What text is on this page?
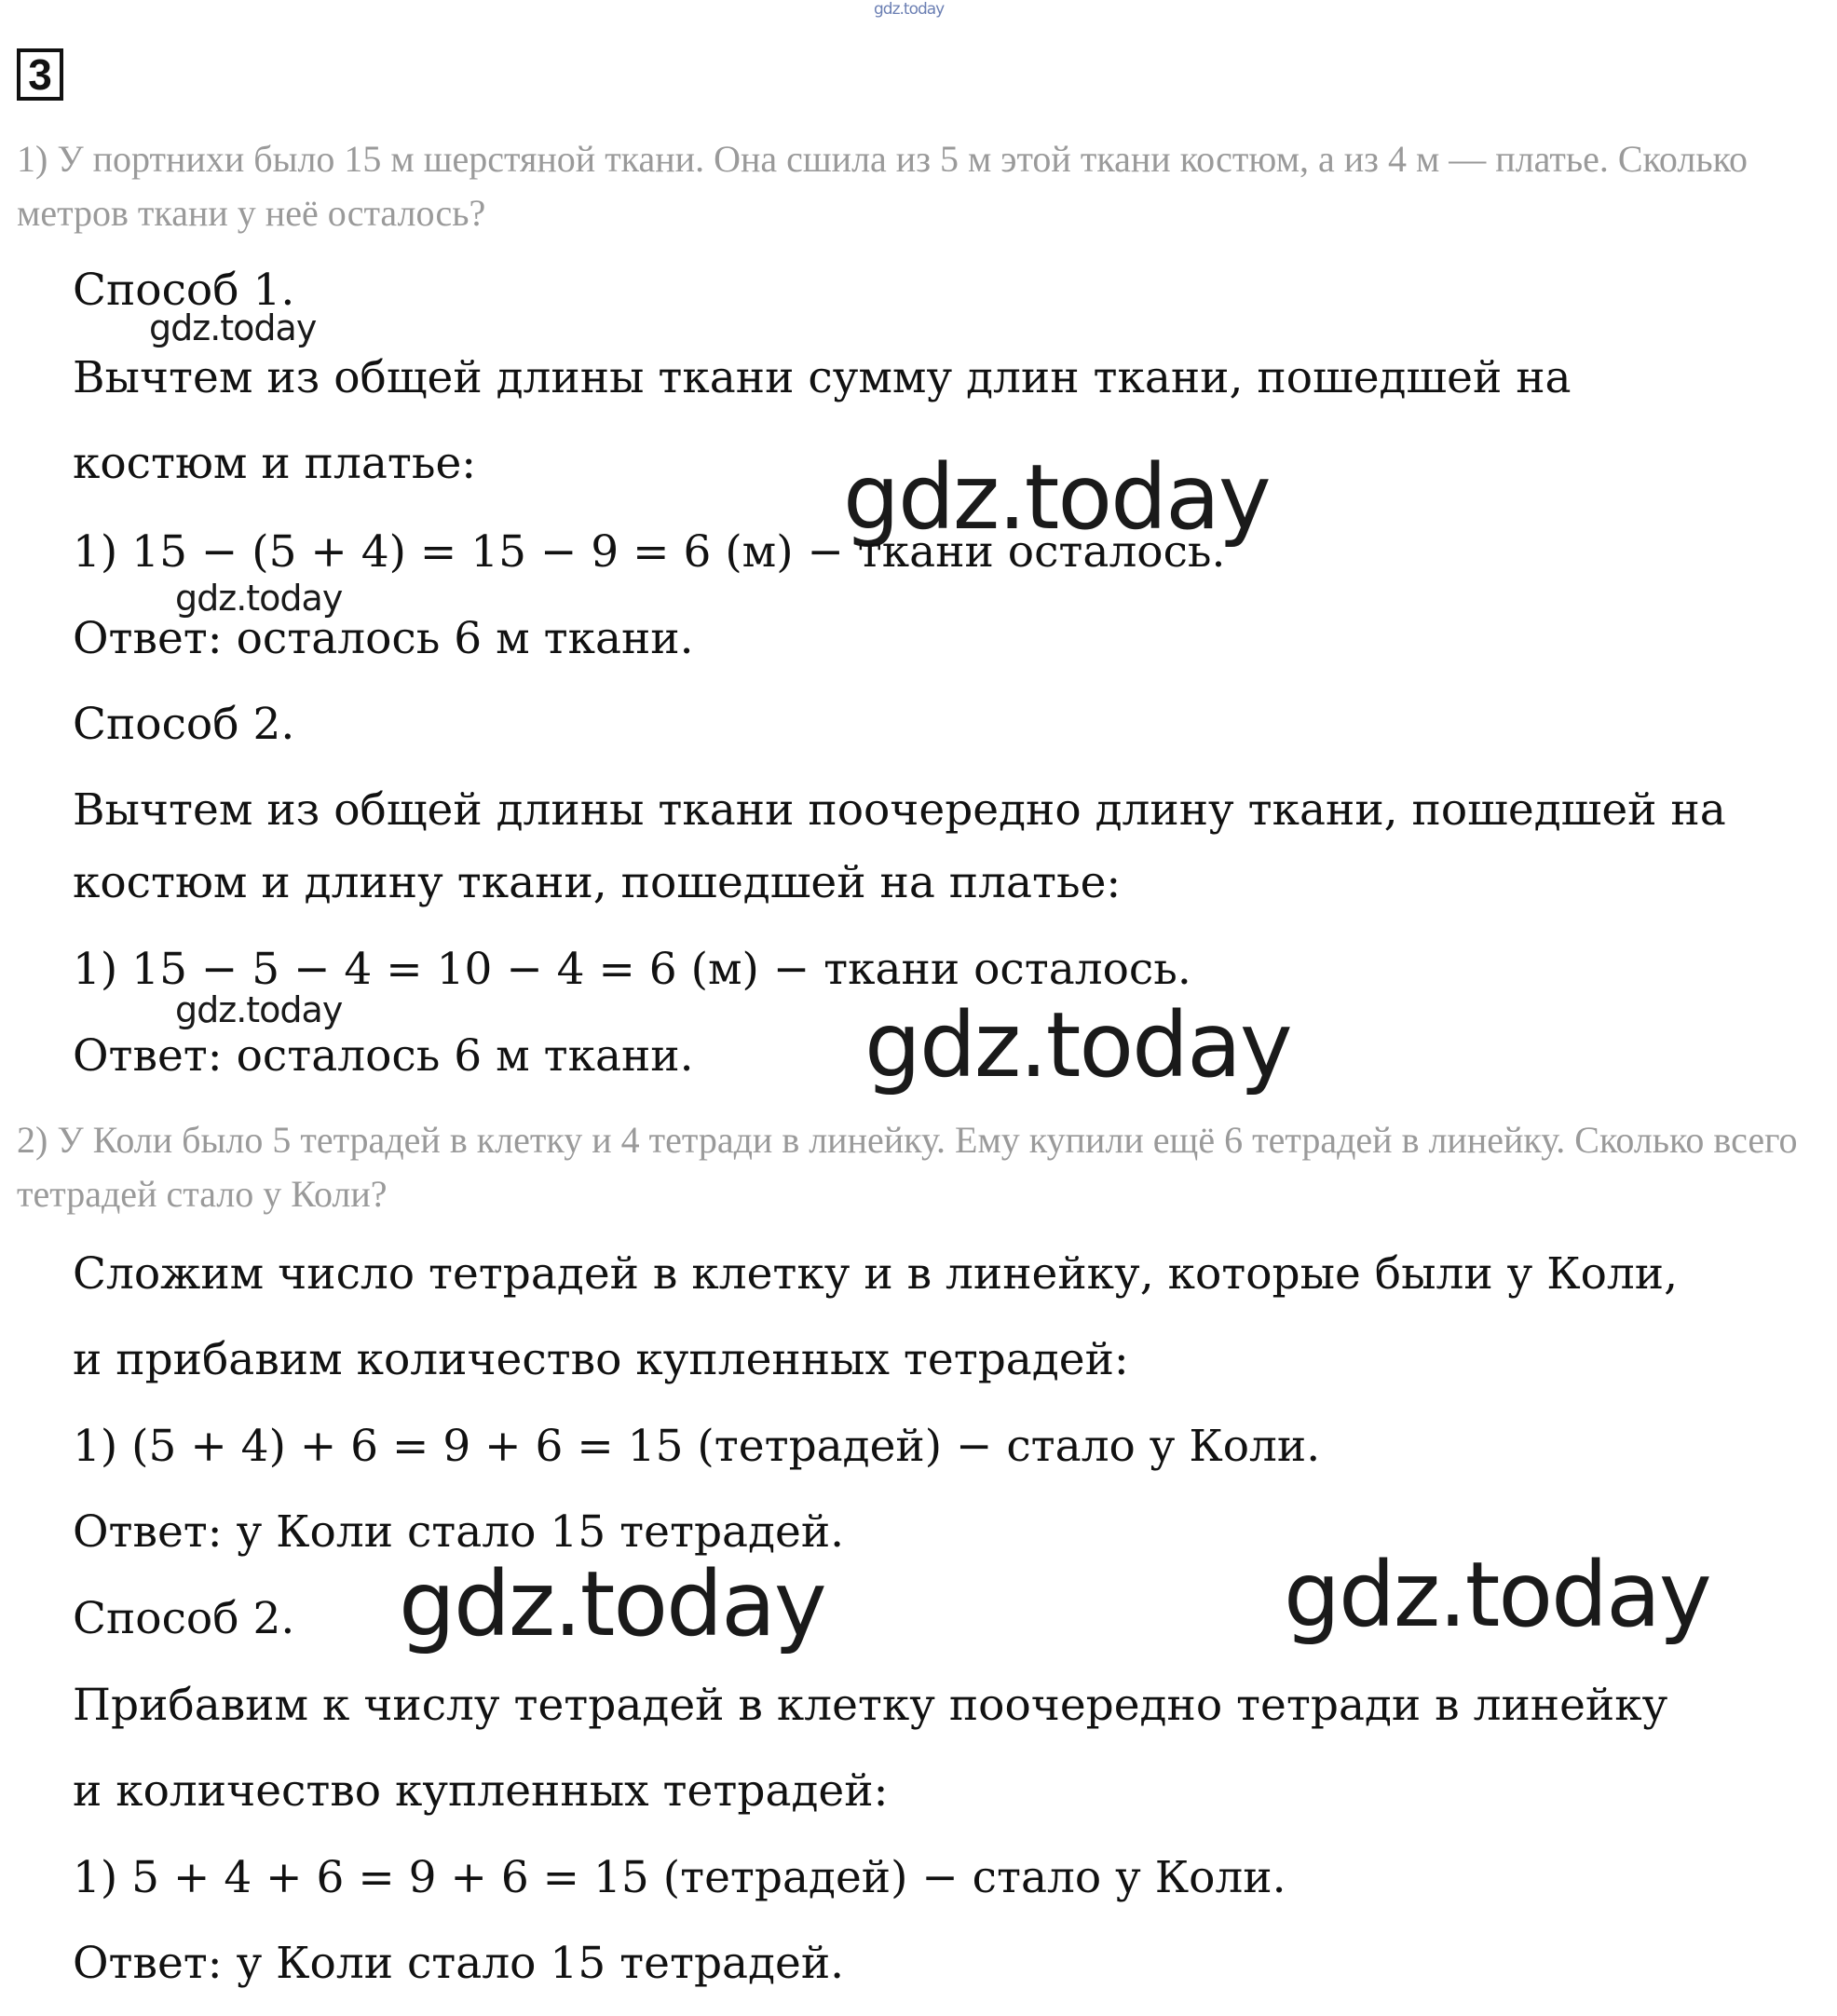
gdz.today
3
1) У портнихи было 15 м шерстяной ткани. Она сшила из 5 м этой ткани костюм, а из 4 м — платье. Сколько метров ткани у неё осталось?
Способ 1.
gdz.today
Вычтем из общей длины ткани сумму длин ткани, пошедшей на
костюм и платье:	gdz.today
1) 15 − (5 + 4) = 15 − 9 = 6 (м) − ткани осталось.
gdz.today
Ответ: осталось 6 м ткани.
Способ 2.
Вычтем из общей длины ткани поочередно длину ткани, пошедшей на
костюм и длину ткани, пошедшей на платье:
1) 15 − 5 − 4 = 10 − 4 = 6 (м) − ткани осталось.
gdz.today
Ответ: осталось 6 м ткани. gdz.today
2) У Коли было 5 тетрадей в клетку и 4 тетради в линейку. Ему купили ещё 6 тетрадей в линейку. Сколько всего тетрадей стало у Коли?
Сложим число тетрадей в клетку и в линейку, которые были у Коли,
и прибавим количество купленных тетрадей:
1) (5 + 4) + 6 = 9 + 6 = 15 (тетрадей) − стало у Коли.
Ответ: у Коли стало 15 тетрадей.
Способ 2. gdz.today	gdz.today
Прибавим к числу тетрадей в клетку поочередно тетради в линейку
и количество купленных тетрадей:
1) 5 + 4 + 6 = 9 + 6 = 15 (тетрадей) − стало у Коли.
Ответ: у Коли стало 15 тетрадей.
